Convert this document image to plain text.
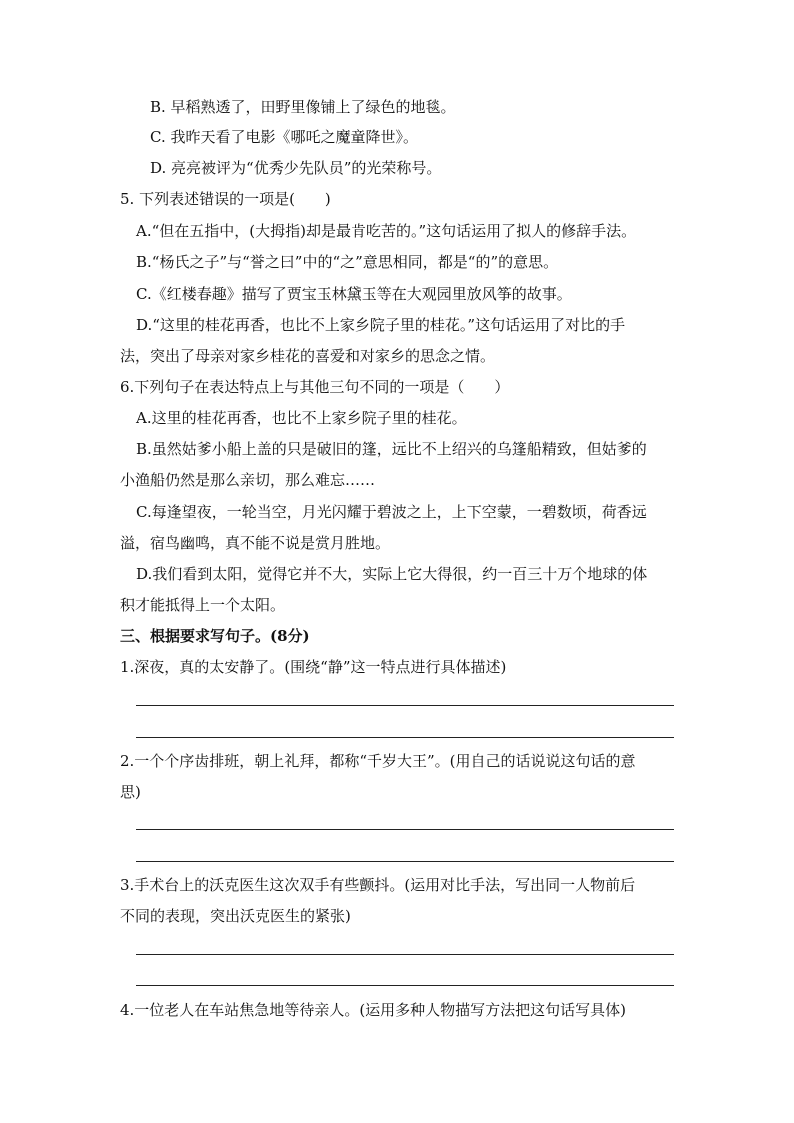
B. 早稻熟透了，田野里像铺上了绿色的地毯。
C. 我昨天看了电影《哪吒之魔童降世》。
D. 亮亮被评为“优秀少先队员”的光荣称号。
5. 下列表述错误的一项是(　　)
A.“但在五指中，(大拇指)却是最肯吃苦的。”这句话运用了拟人的修辞手法。
B.“杨氏之子”与“誉之曰”中的“之”意思相同，都是“的”的意思。
C.《红楼春趣》描写了贾宝玉林黛玉等在大观园里放风筝的故事。
D.“这里的桂花再香，也比不上家乡院子里的桂花。”这句话运用了对比的手
法，突出了母亲对家乡桂花的喜爱和对家乡的思念之情。
6.下列句子在表达特点上与其他三句不同的一项是（　　）
A.这里的桂花再香，也比不上家乡院子里的桂花。
B.虽然姑爹小船上盖的只是破旧的篷，远比不上绍兴的乌篷船精致，但姑爹的
小渔船仍然是那么亲切，那么难忘……
C.每逢望夜，一轮当空，月光闪耀于碧波之上，上下空蒙，一碧数顷，荷香远
溢，宿鸟幽鸣，真不能不说是赏月胜地。
D.我们看到太阳，觉得它并不大，实际上它大得很，约一百三十万个地球的体
积才能抵得上一个太阳。
三、根据要求写句子。(8分)
1.深夜，真的太安静了。(围绕“静”这一特点进行具体描述)
2.一个个序齿排班，朝上礼拜，都称“千岁大王”。(用自己的话说说这句话的意
思)
3.手术台上的沃克医生这次双手有些颤抖。(运用对比手法，写出同一人物前后
不同的表现，突出沃克医生的紧张)
4.一位老人在车站焦急地等待亲人。(运用多种人物描写方法把这句话写具体)
